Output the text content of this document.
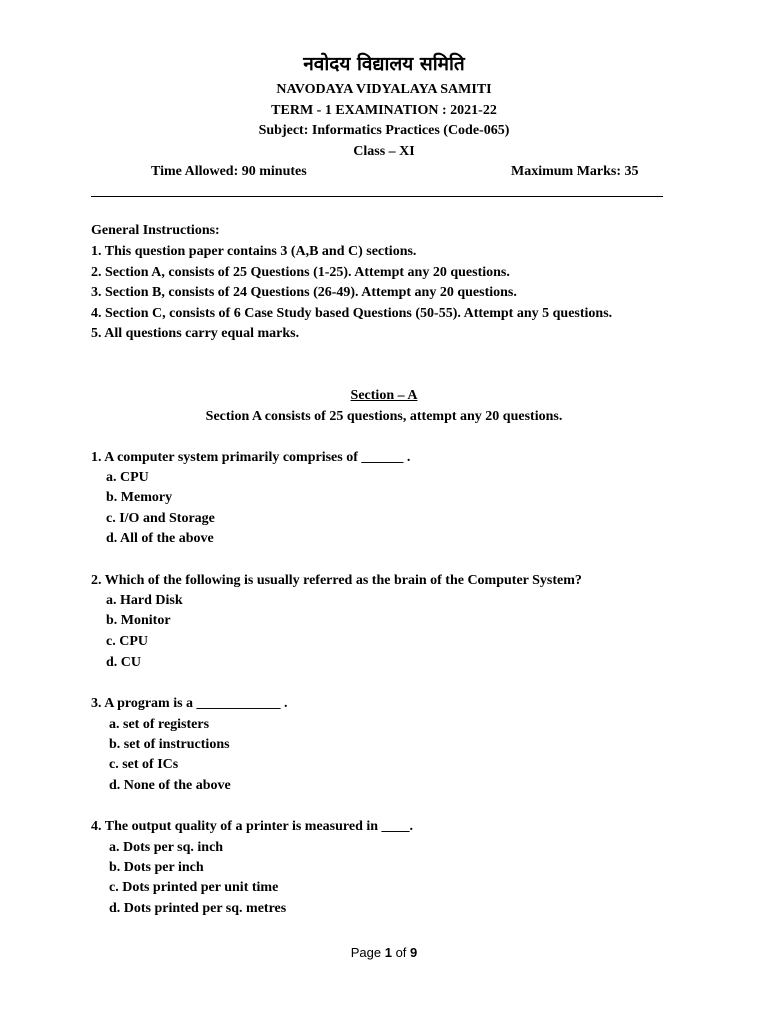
नवोदय विद्यालय समिति
NAVODAYA VIDYALAYA SAMITI
TERM - 1 EXAMINATION : 2021-22
Subject: Informatics Practices (Code-065)
Class – XI
Time Allowed: 90 minutes	Maximum Marks: 35
General Instructions:
1. This question paper contains 3 (A,B and C) sections.
2. Section A, consists of 25 Questions (1-25). Attempt any 20 questions.
3. Section B, consists of 24 Questions (26-49). Attempt any 20 questions.
4. Section C, consists of 6 Case Study based Questions (50-55). Attempt any 5 questions.
5. All questions carry equal marks.
Section – A
Section A consists of 25 questions, attempt any 20 questions.
1. A computer system primarily comprises of ______ .
a. CPU
b. Memory
c. I/O and Storage
d. All of the above
2. Which of the following is usually referred as the brain of the Computer System?
a. Hard Disk
b. Monitor
c. CPU
d. CU
3. A program is a ____________ .
a. set of registers
b. set of instructions
c. set of ICs
d. None of the above
4. The output quality of a printer is measured in ____.
a. Dots per sq. inch
b. Dots per inch
c. Dots printed per unit time
d. Dots printed per sq. metres
Page 1 of 9
